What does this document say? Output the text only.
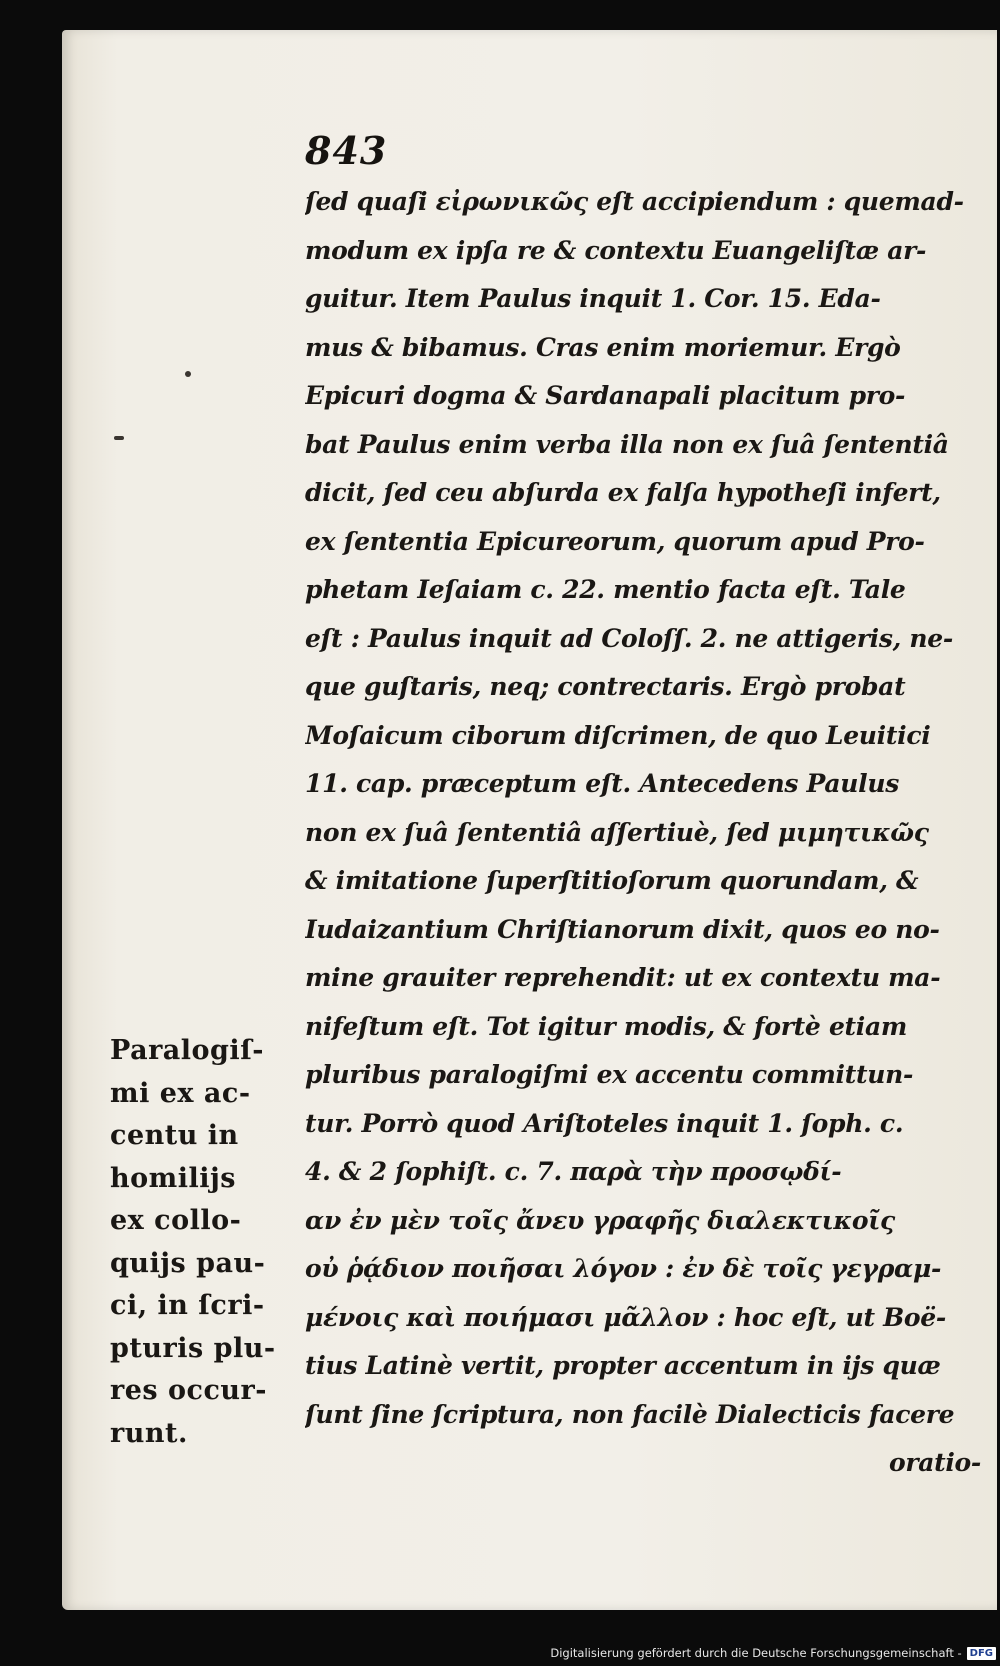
843
ſed quaſi εἰρωνικῶς eſt accipiendum : quemad-
modum ex ipſa re & contextu Euangeliſtæ ar-
guitur. Item Paulus inquit 1. Cor. 15. Eda-
mus & bibamus. Cras enim moriemur. Ergò
Epicuri dogma & Sardanapali placitum pro-
bat Paulus enim verba illa non ex ſuâ ſententiâ
dicit, ſed ceu abſurda ex falſa hypotheſi infert,
ex ſententia Epicureorum, quorum apud Pro-
phetam Ieſaiam c. 22. mentio facta eſt. Tale
eſt : Paulus inquit ad Coloſſ. 2. ne attigeris, ne-
que guſtaris, neq; contrectaris. Ergò probat
Moſaicum ciborum diſcrimen, de quo Leuitici
11. cap. præceptum eſt. Antecedens Paulus
non ex ſuâ ſententiâ aſſertiuè, ſed μιμητικῶς
& imitatione ſuperſtitioſorum quorundam, &
Iudaizantium Chriſtianorum dixit, quos eo no-
mine grauiter reprehendit: ut ex contextu ma-
nifeſtum eſt. Tot igitur modis, & fortè etiam
pluribus paralogiſmi ex accentu committun-
tur. Porrò quod Ariſtoteles inquit 1. ſoph. c.
4. & 2 ſophiſt. c. 7. παρὰ τὴν προσῳδί-
αν ἐν μὲν τοῖς ἄνευ γραφῆς διαλεκτικοῖς
οὐ ῥᾴδιον ποιῆσαι λόγον : ἐν δὲ τοῖς γεγραμ-
μένοις καὶ ποιήμασι μᾶλλον : hoc eſt, ut Boë-
tius Latinè vertit, propter accentum in ijs quæ
ſunt ſine ſcriptura, non facilè Dialecticis facere
oratio-
Paralogiſ-
mi ex ac-
centu in
homilijs
ex collo-
quijs pau-
ci, in ſcri-
pturis plu-
res occur-
runt.
Digitalisierung gefördert durch die Deutsche Forschungsgemeinschaft - DFG
